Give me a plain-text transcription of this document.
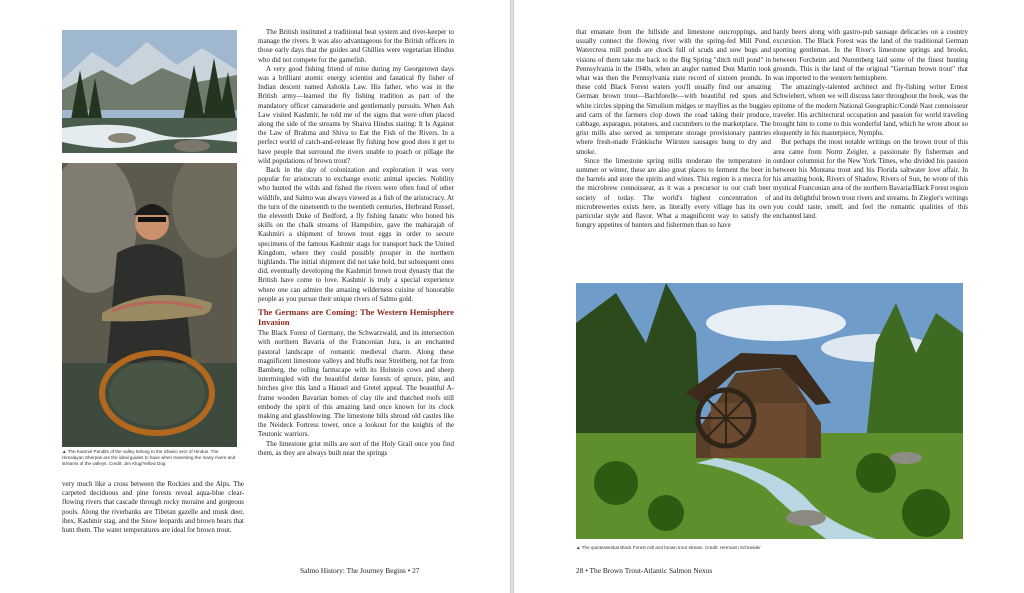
▲ The Kasmiri Pandits of the valley belong to the Shaivo sect of Hindus. The Himalayan Sherpas are the ideal guides to have when traversing the many rivers and streams of the valleys. Credit: Jim Klug/Yellow Dog

very much like a cross between the Rockies and the Alps. The carpeted deciduous and pine forests reveal aqua-blue clear-flowing rivers that cascade through rocky moraine and gorgeous pools. Along the riverbanks are Tibetan gazelle and musk deer, ibex, Kashmir stag, and the Snow leopards and brown bears that hunt them. The water temperatures are ideal for brown trout.

The British instituted a traditional beat system and river-keeper to manage the rivers. It was also advantageous for the British officers in those early days that the guides and Ghillies were vegetarian Hindus who did not compete for the gamefish.

A very good fishing friend of mine during my Georgetown days was a brilliant atomic energy scientist and fanatical fly fisher of Indian descent named Ashokla Law. His father, who was in the British army—learned the fly fishing tradition as part of the mandatory officer camaraderie and gentlemanly pursuits. When Ash Law visited Kashmir, he told me of the signs that were often placed along the side of the streams by Shaiva Hindus stating: It Is Against the Law of Brahma and Shiva to Eat the Fish of the Rivers. In a perfect world of catch-and-release fly fishing how good does it get to have people that surround the rivers unable to poach or pillage the wild populations of brown trout?

Back in the day of colonization and exploration it was very popular for aristocrats to exchange exotic animal species. Nobility who hunted the wilds and fished the rivers were often fond of other wildlife, and Salmo was always viewed as a fish of the aristocracy. At the turn of the nineteenth to the twentieth centuries, Herbrand Russel, the eleventh Duke of Bedford, a fly fishing fanatic who honed his skills on the chalk streams of Hampshire, gave the maharajah of Kashmiri a shipment of brown trout eggs in order to secure specimens of the famous Kashmir stags for transport back the United Kingdom, where they could possibly prosper in the northern highlands. The initial shipment did not take hold, but subsequent ones did, eventually developing the Kashmiri brown trout dynasty that the British have come to love. Kashmir is truly a special experience where one can admire the amazing wilderness cuisine of honorable people as you pursue their unique rivers of Salmo gold.

The Germans are Coming: The Western Hemisphere Invasion

The Black Forest of Germany, the Schwarzwald, and its intersection with northern Bavaria of the Franconian Jura, is an enchanted pastoral landscape of romantic medieval charm. Along these magnificent limestone valleys and bluffs near Streitberg, not far from Bamberg, the rolling farmscape with its Holstein cows and sheep intermingled with the beautiful dense forests of spruce, pine, and birches give this land a Hansel and Gretel appeal. The beautiful A-frame wooden Bavarian homes of clay tile and thatched roofs still embody the spirit of this amazing land once known for its clock making and glassblowing. The limestone hills shroud old castles like the Neideck Fortress tower, once a lookout for the knights of the Teutonic warriors.

The limestone grist mills are sort of the Holy Grail once you find them, as they are always built near the springs

Salmo History: The Journey Begins • 27

that emanate from the hillside and limestone outcroppings, and usually connect the flowing river with the spring-fed Mill Pond. Watercress mill ponds are chock full of scuds and sow bugs and visions of them take me back to the Big Spring "ditch mill pond" in Pennsylvania in the 1940s, when an angler named Don Martin took what was then the Pennsylvania state record of sixteen pounds. In these cold Black Forest waters you'll usually find our amazing German brown trout—Bachforelle—with beautiful red spots and white circles sipping the Simulium midges or mayflies as the buggies and carts of the farmers clop down the road taking their produce, cabbage, asparagus, potatoes, and cucumbers to the marketplace. The grist mills also served as temperate storage provisionary pantries where fresh-made Fränkische Würsten sausages hung to dry and smoke.

Since the limestone spring mills moderate the temperature in summer or winter, these are also great places to ferment the beer in the barrels and store the spirits and wines. This region is a mecca for the microbrew connoisseur, as it was a precursor to our craft beer society of today. The world's highest concentration of microbreweries exists here, as literally every village has its own particular style and flavor. What a magnificent way to satisfy the hungry appetites of hunters and fishermen than so have

hardy beers along with gastro-pub sausage delicacies on a country excursion. The Black Forest was the land of the traditional German sporting gentleman. In the River's limestone springs and brooks, between Forcheim and Nuremberg laid some of the finest hunting grounds. This is the land of the original "German brown trout" that was imported to the western hemisphere.

The amazingly-talented architect and fly-fishing writer Ernest Schwiebert, whom we will discuss later throughout the book, was the epitome of the modern National Geographic/Condé Nast connoisseur traveler. His architectural occupation and passion for world traveling brought him to come to this wonderful land, which he wrote about so eloquently in his masterpiece, Nymphs.

But perhaps the most notable writings on the brown trout of this area came from Norm Zeigler, a passionate fly fisherman and outdoor columnist for the New York Times, who divided his passion between his Montana trout and his Florida saltwater love affair. In his amazing book, Rivers of Shadow, Rivers of Sun, he wrote of this mystical Franconian area of the northern Bavaria/Black Forest region and its delightful brown trout rivers and streams. In Ziegler's writings you could taste, smell, and feel the romantic qualities of this enchanted land.

▲ The quintessential Black Forest mill and brown trout stream. Credit: Hermann Schneider
28 • The Brown Trout-Atlantic Salmon Nexus
